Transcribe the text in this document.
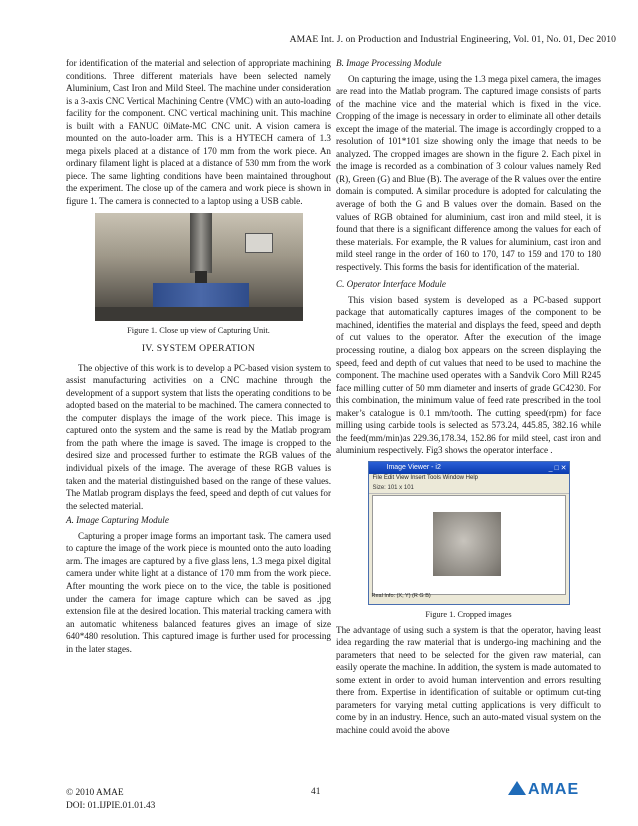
AMAE Int. J. on Production and Industrial Engineering, Vol. 01, No. 01, Dec 2010

for identification of the material and selection of appropriate machining conditions. Three different materials have been selected namely Aluminium, Cast Iron and Mild Steel. The machine under consideration is a 3-axis CNC Vertical Machining Centre (VMC) with an auto-loading facility for the component. CNC vertical machining unit. This machine is built with a FANUC 0iMate-MC CNC unit. A vision camera is mounted on the auto-loader arm. This is a HYTECH camera of 1.3 mega pixels placed at a distance of 170 mm from the work piece. An ordinary filament light is placed at a distance of 530 mm from the work piece. The same lighting conditions have been maintained throughout the experiment. The close up of the camera and work piece is shown in figure 1. The camera is connected to a laptop using a USB cable.

Figure 1. Close up view of Capturing Unit.
IV. SYSTEM OPERATION

The objective of this work is to develop a PC-based vision system to assist manufacturing activities on a CNC machine through the development of a support system that lists the operating conditions to be adopted based on the material to be machined. The camera connected to the computer displays the image of the work piece. This image is captured onto the system and the same is read by the Matlab program from the path where the image is saved. The image is cropped to the desired size and processed further to estimate the RGB values of the individual pixels of the image. The average of these RGB values is taken and the material distinguished based on the range of these values. The Matlab program displays the feed, speed and depth of cut values for the selected material.

A. Image Capturing Module

Capturing a proper image forms an important task. The camera used to capture the image of the work piece is mounted onto the auto loading arm. The images are captured by a five glass lens, 1.3 mega pixel digital camera under white light at a distance of 170 mm from the work piece. After mounting the work piece on to the vice, the table is positioned under the camera for image capture which can be saved as .jpg extension file at the desired location. This material tracking camera with an automatic whiteness balanced features gives an image of size 640*480 resolution. This captured image is further used for processing in the later stages.

B. Image Processing Module

On capturing the image, using the 1.3 mega pixel camera, the images are read into the Matlab program. The captured image consists of parts of the machine vice and the material which is fixed in the vice. Cropping of the image is necessary in order to eliminate all other details except the image of the material. The image is accordingly cropped to a resolution of 101*101 size showing only the image that needs to be analyzed. The cropped images are shown in the figure 2. Each pixel in the image is recorded as a combination of 3 colour values namely Red (R), Green (G) and Blue (B). The average of the R values over the entire domain is computed. A similar procedure is adopted for calculating the average of both the G and B values over the domain. Based on the values of RGB obtained for aluminium, cast iron and mild steel, it is found that there is a significant difference among the values for each of these materials. For example, the R values for aluminium, cast iron and mild steel range in the order of 160 to 170, 147 to 159 and 170 to 180 respectively. This forms the basis for identification of the material.

C. Operator Interface Module

This vision based system is developed as a PC-based support package that automatically captures images of the component to be machined, identifies the material and displays the feed, speed and depth of cut values to the operator. After the execution of the image processing routine, a dialog box appears on the screen displaying the speed, feed and depth of cut values that need to be used to machine the component. The machine used operates with a Sandvik Coro Mill R245 face milling cutter of 50 mm diameter and inserts of grade GC4230. For this combination, the minimum value of feed rate prescribed in the tool maker’s catalogue is 0.1 mm/tooth. The cutting speed(rpm) for face milling using carbide tools is selected as 573.24, 445.85, 382.16 while the feed(mm/min)as 229.36,178.34, 152.86 for mild steel, cast iron and aluminium respectively. Fig3 shows the operator interface .

Image Viewer - i2	_ □ ✕
File Edit View Insert Tools Window Help
Size: 101 x 101
Real Info: (X, Y) (R G B)
Figure 1. Cropped images

The advantage of using such a system is that the operator, having least idea regarding the raw material that is undergo-ing machining and the parameters that need to be selected for the given raw material, can easily operate the machine. In addition, the system is made automated to some extent in order to avoid human intervention and errors resulting there from. Expertise in identification of suitable or optimum cut-ting parameters for varying metal cutting applications is very difficult to come by in an industry. Hence, such an auto-mated visual system on the machine could avoid the above

© 2010 AMAE
DOI: 01.IJPIE.01.01.43
41	AMAE
